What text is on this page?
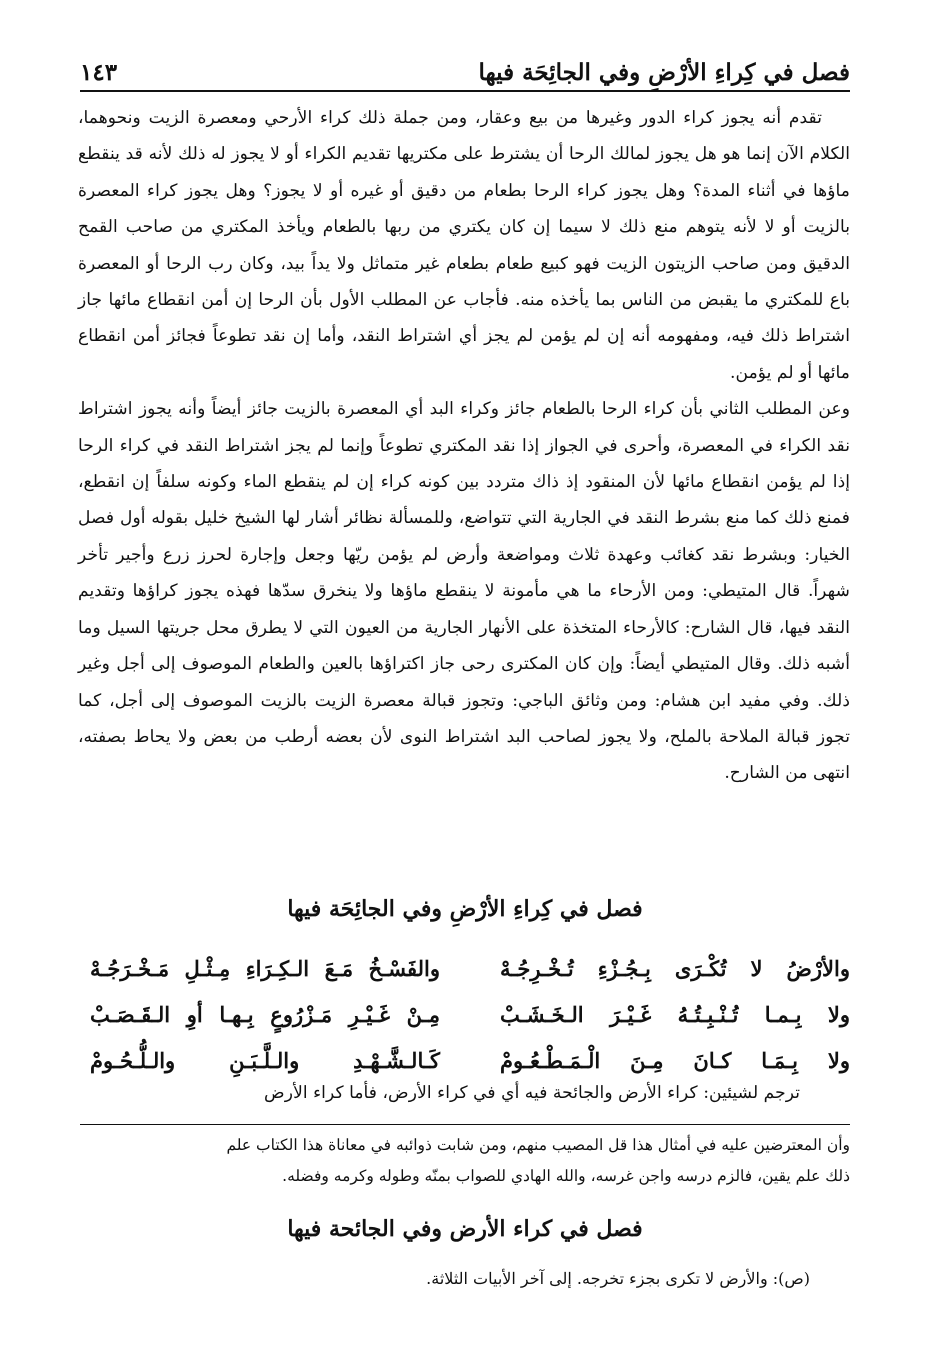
١٤٣	فصل في كِراءِ الأرْضِ وفي الجائِحَة فيها

تقدم أنه يجوز كراء الدور وغيرها من بيع وعقار، ومن جملة ذلك كراء الأرحي ومعصرة الزيت ونحوهما، الكلام الآن إنما هو هل يجوز لمالك الرحا أن يشترط على مكتريها تقديم الكراء أو لا يجوز له ذلك لأنه قد ينقطع ماؤها في أثناء المدة؟ وهل يجوز كراء الرحا بطعام من دقيق أو غيره أو لا يجوز؟ وهل يجوز كراء المعصرة بالزيت أو لا لأنه يتوهم منع ذلك لا سيما إن كان يكتري من ربها بالطعام ويأخذ المكتري من صاحب القمح الدقيق ومن صاحب الزيتون الزيت فهو كبيع طعام بطعام غير متماثل ولا يداً بيد، وكان رب الرحا أو المعصرة باع للمكتري ما يقبض من الناس بما يأخذه منه. فأجاب عن المطلب الأول بأن الرحا إن أمن انقطاع مائها جاز اشتراط ذلك فيه، ومفهومه أنه إن لم يؤمن لم يجز أي اشتراط النقد، وأما إن نقد تطوعاً فجائز أمن انقطاع مائها أو لم يؤمن.

وعن المطلب الثاني بأن كراء الرحا بالطعام جائز وكراء البد أي المعصرة بالزيت جائز أيضاً وأنه يجوز اشتراط نقد الكراء في المعصرة، وأحرى في الجواز إذا نقد المكتري تطوعاً وإنما لم يجز اشتراط النقد في كراء الرحا إذا لم يؤمن انقطاع مائها لأن المنقود إذ ذاك متردد بين كونه كراء إن لم ينقطع الماء وكونه سلفاً إن انقطع، فمنع ذلك كما منع بشرط النقد في الجارية التي تتواضع، وللمسألة نظائر أشار لها الشيخ خليل بقوله أول فصل الخيار: وبشرط نقد كغائب وعهدة ثلاث ومواضعة وأرض لم يؤمن ريّها وجعل وإجارة لحرز زرع وأجير تأخر شهراً. قال المتيطي: ومن الأرحاء ما هي مأمونة لا ينقطع ماؤها ولا ينخرق سدّها فهذه يجوز كراؤها وتقديم النقد فيها، قال الشارح: كالأرحاء المتخذة على الأنهار الجارية من العيون التي لا يطرق محل جريتها السيل وما أشبه ذلك. وقال المتيطي أيضاً: وإن كان المكترى رحى جاز اكتراؤها بالعين والطعام الموصوف إلى أجل وغير ذلك. وفي مفيد ابن هشام: ومن وثائق الباجي: وتجوز قبالة معصرة الزيت بالزيت الموصوف إلى أجل، كما تجوز قبالة الملاحة بالملح، ولا يجوز لصاحب البد اشتراط النوى لأن بعضه أرطب من بعض ولا يحاط بصفته، انتهى من الشارح.

فصل في كِراءِ الأرْضِ وفي الجائِحَة فيها
والأرْضُ لا تُكْـرَى بِـجُـزْءِ تُـخْـرِجُـهْ
والفَسْـخُ مَـعَ الـكِـرَاءِ مِـثْـلِ مَـخْـرَجُـهْ
ولا بِـمـا تُـنْـبِـتُـهُ غَـيْـرَ الـخَـشَـبْ
مِـنْ غَـيْـرِ مَـزْرُوعٍ بِـهـا أوِ الـقَـصَـبْ
ولا بِـمَـا كـانَ مِـنَ الْـمَـطْـعُـومْ
كَـالـشَّـهْـدِ والـلَّـبَـنِ والـلُّـحُـومْ
ترجم لشيئين: كراء الأرض والجائحة فيه أي في كراء الأرض، فأما كراء الأرض

وأن المعترضين عليه في أمثال هذا قل المصيب منهم، ومن شابت ذوائبه في معاناة هذا الكتاب علم

ذلك علم يقين، فالزم درسه واجن غرسه، والله الهادي للصواب بمنّه وطوله وكرمه وفضله.

فصل في كراء الأرض وفي الجائحة فيها
(ص): والأرض لا تكرى بجزء تخرجه. إلى آخر الأبيات الثلاثة.
